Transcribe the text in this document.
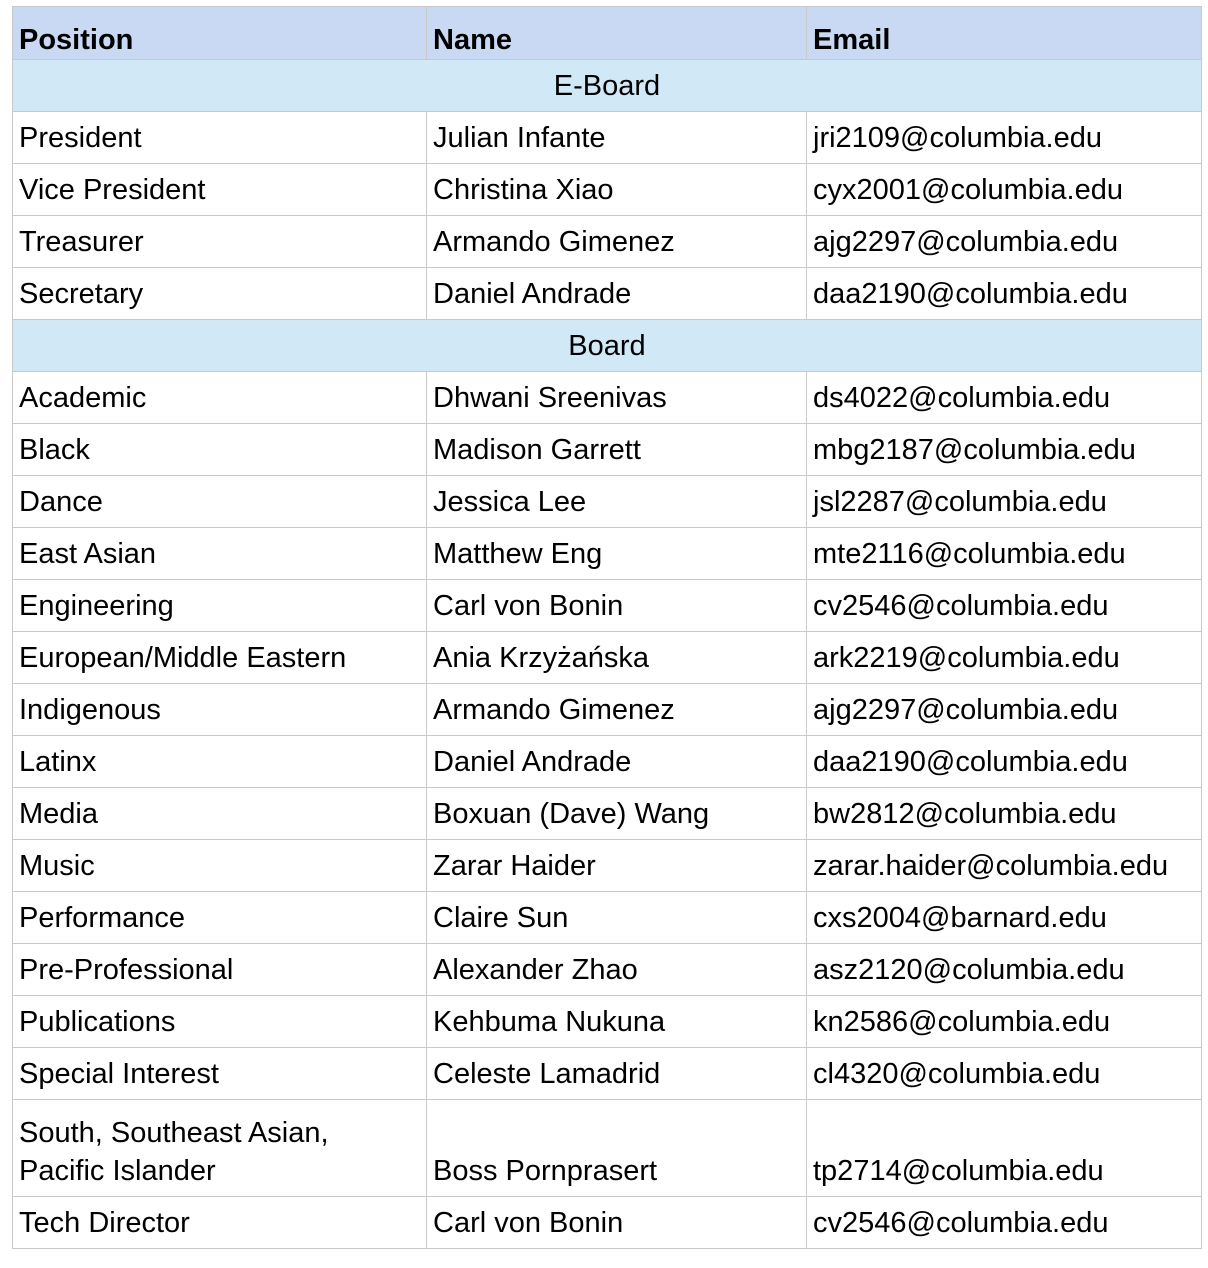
Position	Name	Email
E-Board		
President	Julian Infante	jri2109@columbia.edu
Vice President	Christina Xiao	cyx2001@columbia.edu
Treasurer	Armando Gimenez	ajg2297@columbia.edu
Secretary	Daniel Andrade	daa2190@columbia.edu
Board		
Academic	Dhwani Sreenivas	ds4022@columbia.edu
Black	Madison Garrett	mbg2187@columbia.edu
Dance	Jessica Lee	jsl2287@columbia.edu
East Asian	Matthew Eng	mte2116@columbia.edu
Engineering	Carl von Bonin	cv2546@columbia.edu
European/Middle Eastern	Ania Krzyżańska	ark2219@columbia.edu
Indigenous	Armando Gimenez	ajg2297@columbia.edu
Latinx	Daniel Andrade	daa2190@columbia.edu
Media	Boxuan (Dave) Wang	bw2812@columbia.edu
Music	Zarar Haider	zarar.haider@columbia.edu
Performance	Claire Sun	cxs2004@barnard.edu
Pre-Professional	Alexander Zhao	asz2120@columbia.edu
Publications	Kehbuma Nukuna	kn2586@columbia.edu
Special Interest	Celeste Lamadrid	cl4320@columbia.edu
South, Southeast Asian,
Pacific Islander	Boss Pornprasert	tp2714@columbia.edu
Tech Director	Carl von Bonin	cv2546@columbia.edu
